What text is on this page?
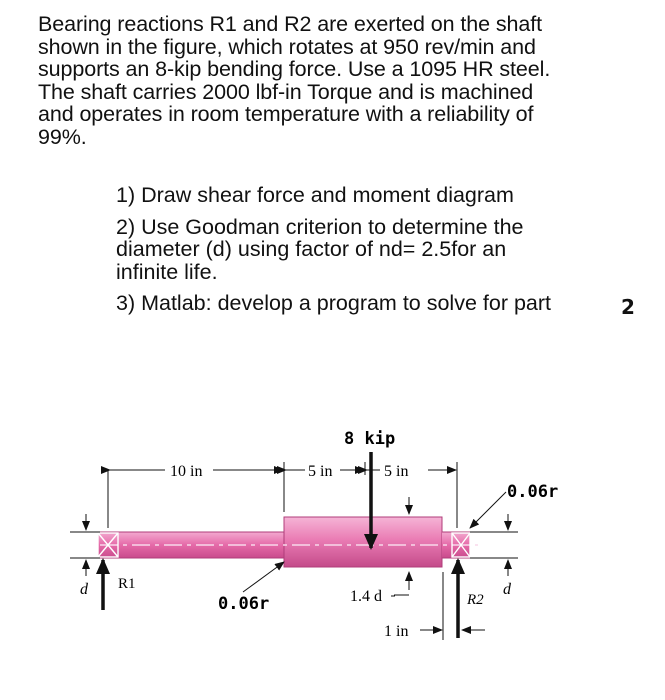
Bearing reactions R1 and R2 are exerted on the shaft
shown in the figure, which rotates at 950 rev/min and
supports an 8-kip bending force. Use a 1095 HR steel.
The shaft carries 2000 lbf-in Torque and is machined
and operates in room temperature with a reliability of
99%.
1) Draw shear force and moment diagram
2) Use Goodman criterion to determine the
diameter (d) using factor of nd= 2.5for an
infinite life.
3) Matlab: develop a program to solve for part	2
10 in	5 in	5 in
8 kip
d R1	d
R2
1.4 d
1 in
0.06r
0.06r
